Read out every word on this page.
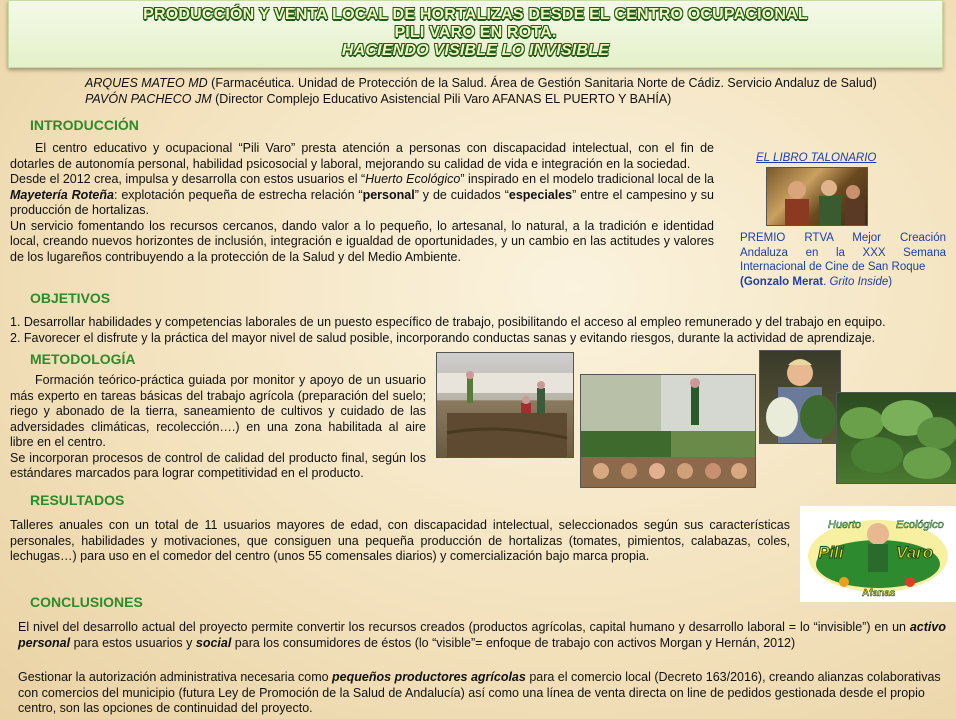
PRODUCCIÓN Y VENTA LOCAL DE HORTALIZAS DESDE EL CENTRO OCUPACIONAL
PILI VARO EN ROTA.
HACIENDO VISIBLE LO INVISIBLE
ARQUES MATEO MD (Farmacéutica. Unidad de Protección de la Salud. Área de Gestión Sanitaria Norte de Cádiz. Servicio Andaluz de Salud)
PAVÓN PACHECO JM (Director Complejo Educativo Asistencial Pili Varo AFANAS EL PUERTO Y BAHÍA)
INTRODUCCIÓN
El centro educativo y ocupacional “Pili Varo” presta atención a personas con discapacidad intelectual, con el fin de dotarles de autonomía personal, habilidad psicosocial y laboral, mejorando su calidad de vida e integración en la sociedad.
Desde el 2012 crea, impulsa y desarrolla con estos usuarios el “Huerto Ecológico” inspirado en el modelo tradicional local de la Mayetería Roteña: explotación pequeña de estrecha relación “personal” y de cuidados “especiales” entre el campesino y su producción de hortalizas.
Un servicio fomentando los recursos cercanos, dando valor a lo pequeño, lo artesanal, lo natural, a la tradición e identidad local, creando nuevos horizontes de inclusión, integración e igualdad de oportunidades, y un cambio en las actitudes y valores de los lugareños contribuyendo a la protección de la Salud y del Medio Ambiente.
EL LIBRO TALONARIO
PREMIO RTVA Mejor Creación Andaluza en la XXX Semana Internacional de Cine de San Roque
(Gonzalo Merat. Grito Inside)
OBJETIVOS
1. Desarrollar habilidades y competencias laborales de un puesto específico de trabajo, posibilitando el acceso al empleo remunerado y del trabajo en equipo.
2. Favorecer el disfrute y la práctica del mayor nivel de salud posible, incorporando conductas sanas y evitando riesgos, durante la actividad de aprendizaje.
METODOLOGÍA
Formación teórico-práctica guiada por monitor y apoyo de un usuario más experto en tareas básicas del trabajo agrícola (preparación del suelo; riego y abonado de la tierra, saneamiento de cultivos y cuidado de las adversidades climáticas, recolección….) en una zona habilitada al aire libre en el centro.
Se incorporan procesos de control de calidad del producto final, según los estándares marcados para lograr competitividad en el producto.
RESULTADOS
Talleres anuales con un total de 11 usuarios mayores de edad, con discapacidad intelectual, seleccionados según sus características personales, habilidades y motivaciones, que consiguen una pequeña producción de hortalizas (tomates, pimientos, calabazas, coles, lechugas…) para uso en el comedor del centro (unos 55 comensales diarios) y comercialización bajo marca propia.
Huerto	Ecológico
Pili	Varo
Afanas
CONCLUSIONES
El nivel del desarrollo actual del proyecto permite convertir los recursos creados (productos agrícolas, capital humano y desarrollo laboral = lo “invisible”) en un activo personal para estos usuarios y social para los consumidores de éstos (lo “visible”= enfoque de trabajo con activos Morgan y Hernán, 2012)
Gestionar la autorización administrativa necesaria como pequeños productores agrícolas para el comercio local (Decreto 163/2016), creando alianzas colaborativas con comercios del municipio (futura Ley de Promoción de la Salud de Andalucía) así como una línea de venta directa on line de pedidos gestionada desde el propio centro, son las opciones de continuidad del proyecto.
